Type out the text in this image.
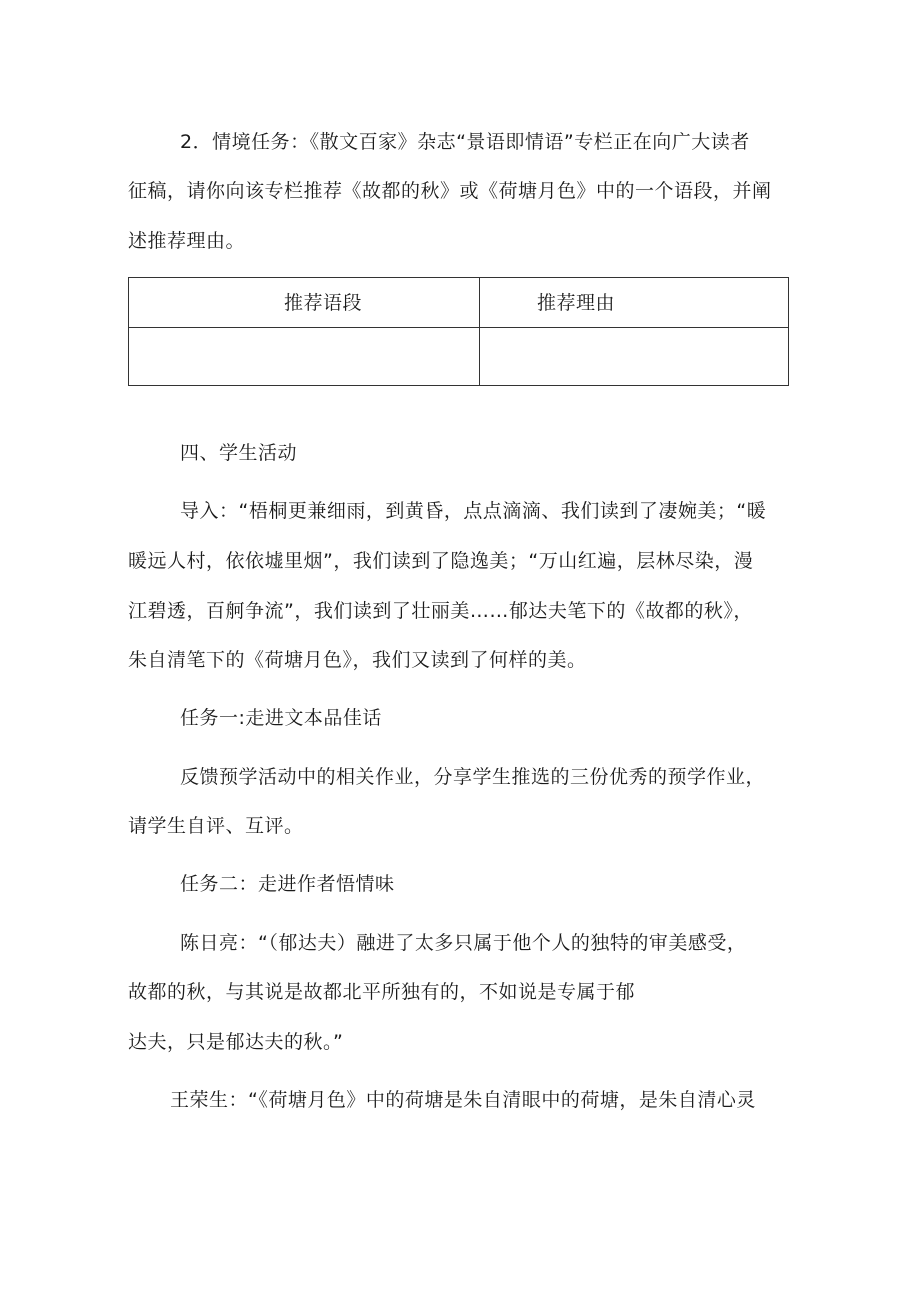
2．情境任务：《散文百家》杂志“景语即情语”专栏正在向广大读者
征稿，请你向该专栏推荐《故都的秋》或《荷塘月色》中的一个语段，并阐
述推荐理由。
推荐语段	推荐理由
四、学生活动
导入：“梧桐更兼细雨，到黄昏，点点滴滴、我们读到了凄婉美；“暖
暖远人村，依依墟里烟”，我们读到了隐逸美；“万山红遍，层林尽染，漫
江碧透，百舸争流”，我们读到了壮丽美……郁达夫笔下的《故都的秋》，
朱自清笔下的《荷塘月色》，我们又读到了何样的美。
任务一:走进文本品佳话
反馈预学活动中的相关作业，分享学生推选的三份优秀的预学作业，
请学生自评、互评。
任务二：走进作者悟情味
陈日亮：“（郁达夫）融进了太多只属于他个人的独特的审美感受，
故都的秋，与其说是故都北平所独有的，不如说是专属于郁
达夫，只是郁达夫的秋。”
王荣生：“《荷塘月色》中的荷塘是朱自清眼中的荷塘，是朱自清心灵
